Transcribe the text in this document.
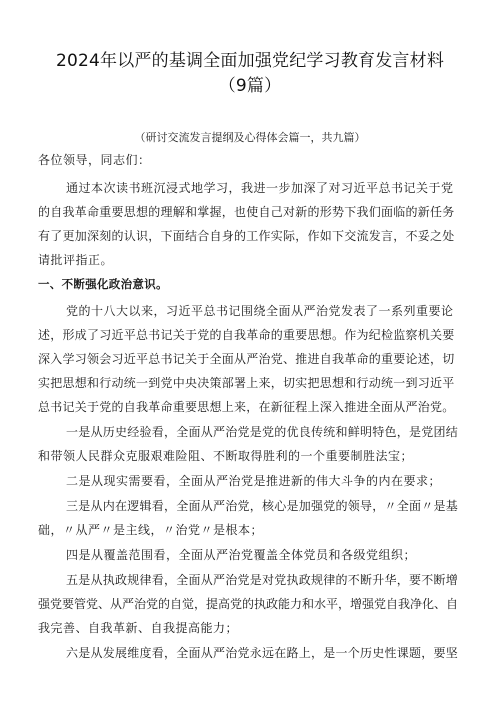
2024年以严的基调全面加强党纪学习教育发言材料
（9篇）
（研讨交流发言提纲及心得体会篇一，共九篇）
各位领导，同志们：
通过本次读书班沉浸式地学习，我进一步加深了对习近平总书记关于党
的自我革命重要思想的理解和掌握，也使自己对新的形势下我们面临的新任务
有了更加深刻的认识，下面结合自身的工作实际，作如下交流发言，不妥之处
请批评指正。
一、不断强化政治意识。
党的十八大以来，习近平总书记围绕全面从严治党发表了一系列重要论
述，形成了习近平总书记关于党的自我革命的重要思想。作为纪检监察机关要
深入学习领会习近平总书记关于全面从严治党、推进自我革命的重要论述，切
实把思想和行动统一到党中央决策部署上来，切实把思想和行动统一到习近平
总书记关于党的自我革命重要思想上来，在新征程上深入推进全面从严治党。
一是从历史经验看，全面从严治党是党的优良传统和鲜明特色，是党团结
和带领人民群众克服艰难险阻、不断取得胜利的一个重要制胜法宝；
二是从现实需要看，全面从严治党是推进新的伟大斗争的内在要求；
三是从内在逻辑看，全面从严治党，核心是加强党的领导，〃全面〃是基
础，〃从严〃是主线，〃治党〃是根本；
四是从覆盖范围看，全面从严治党覆盖全体党员和各级党组织；
五是从执政规律看，全面从严治党是对党执政规律的不断升华，要不断增
强党要管党、从严治党的自觉，提高党的执政能力和水平，增强党自我净化、自
我完善、自我革新、自我提高能力；
六是从发展维度看，全面从严治党永远在路上，是一个历史性课题，要坚
